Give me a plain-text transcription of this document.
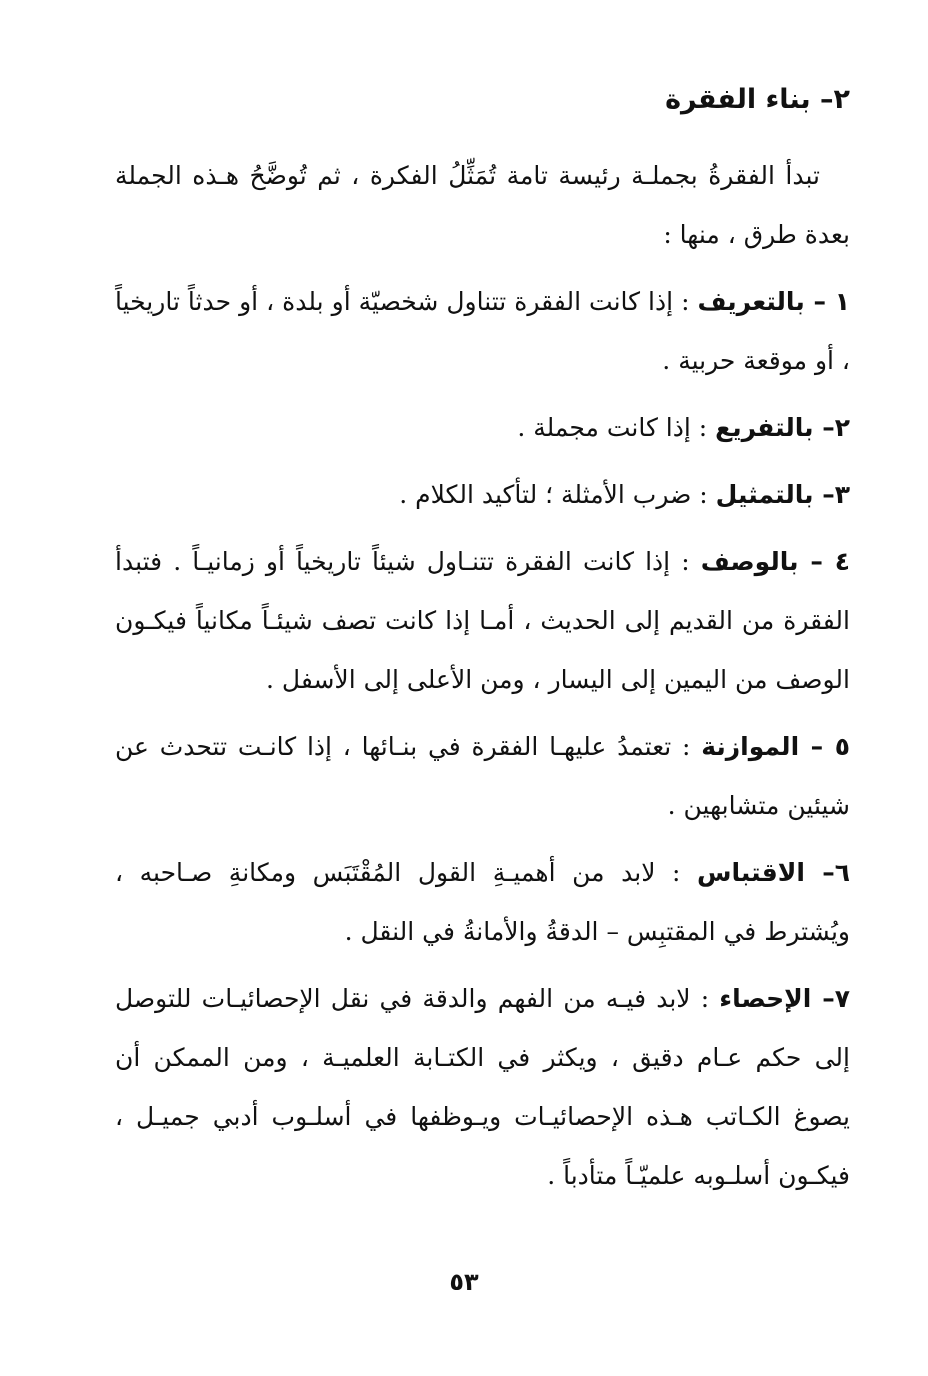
٢– بناء الفقرة

تبدأ الفقرةُ بجملـة رئيسة تامة تُمَثِّلُ الفكرة ، ثم تُوضَّحُ هـذه الجملة بعدة طرق ، منها :

١ – بالتعريف : إذا كانت الفقرة تتناول شخصيّة أو بلدة ، أو حدثاً تاريخياً ، أو موقعة حربية .

٢– بالتفريع : إذا كانت مجملة .

٣– بالتمثيل : ضرب الأمثلة ؛ لتأكيد الكلام .

٤ – بالوصف : إذا كانت الفقرة تتنـاول شيئاً تاريخياً أو زمانيـاً . فتبدأ الفقرة من القديم إلى الحديث ، أمـا إذا كانت تصف شيئـاً مكانياً فيكـون الوصف من اليمين إلى اليسار ، ومن الأعلى إلى الأسفل .

٥ – الموازنة : تعتمدُ عليهـا الفقرة في بنـائها ، إذا كانـت تتحدث عن شيئين متشابهين .

٦– الاقتباس : لابد من أهميـةِ القول المُقْتَبَس ومكانةِ صـاحبه ، ويُشترط في المقتبِس – الدقةُ والأمانةُ في النقل .

٧– الإحصاء : لابد فيـه من الفهم والدقة في نقل الإحصائيـات للتوصل إلى حكم عـام دقيق ، ويكثر في الكتـابة العلميـة ، ومن الممكن أن يصوغ الكـاتب هـذه الإحصائيـات ويـوظفها في أسلـوب أدبي جميـل ، فيكـون أسلـوبه علميّـاً متأدباً .

٥٣
